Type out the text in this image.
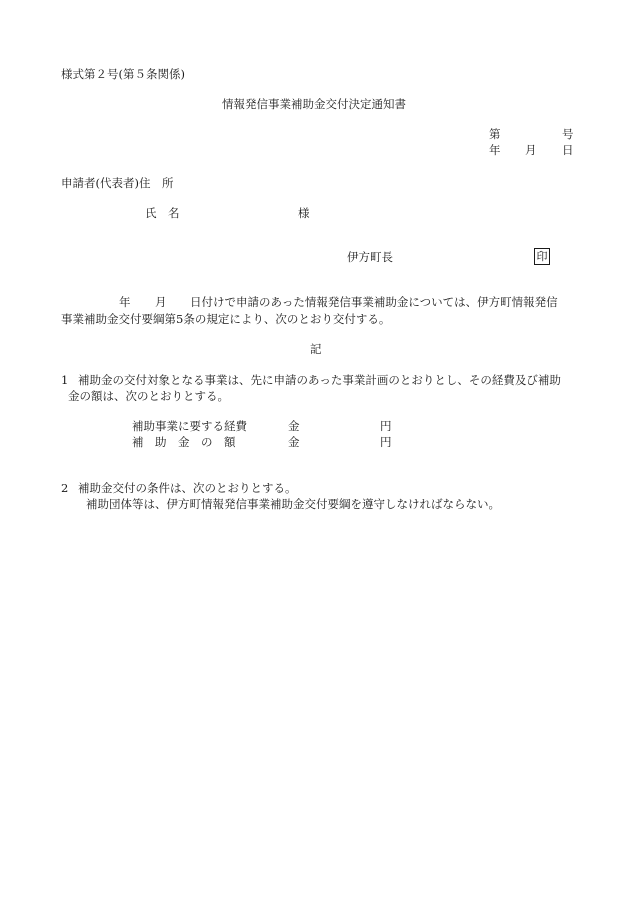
様式第２号(第５条関係)
情報発信事業補助金交付決定通知書
第	号
年 月 日
申請者(代表者)住　所
氏　名	様
伊方町長	印
年 月 日付けで申請のあった情報発信事業補助金については、伊方町情報発信
事業補助金交付要綱第5条の規定により、次のとおり交付する。
記
1 補助金の交付対象となる事業は、先に申請のあった事業計画のとおりとし、その経費及び補助
金の額は、次のとおりとする。
補助事業に要する経費	金	円
補　助　金　の　額	金	円
2 補助金交付の条件は、次のとおりとする。
補助団体等は、伊方町情報発信事業補助金交付要綱を遵守しなければならない。
